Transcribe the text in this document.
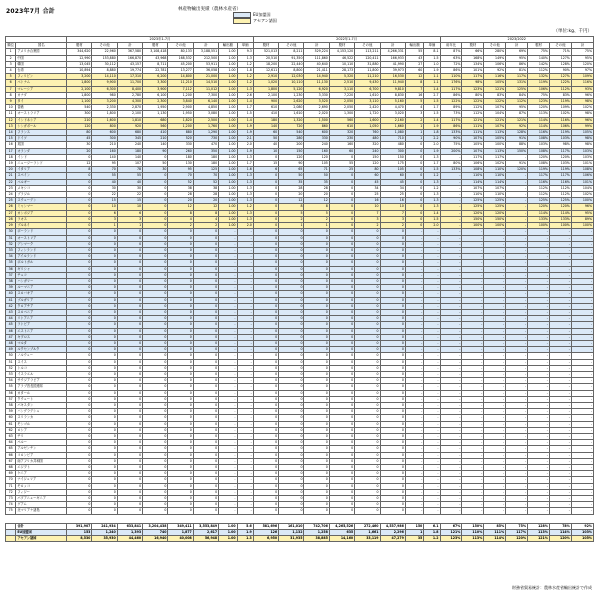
2023年7月 合計	林産物輸出実績（農林水産省）
EU加盟国
アセアン諸国
（単位:kg、千円）
		2023年1-7月								2022年1-7月								2023/2022						
順位	国名	製材	その他	計	製材	その他	計	輸出額	単価	製材	その他	計	製材	その他	計	輸出額	単価	前年比	製材	その他	計	製材	その他	計
1	アメリカ合衆国	344,620	22,960	367,580	3,108,418	80,133	3,188,551	1.00	9.3	521,013	8,211	529,224	4,153,120	113,211	4,266,331	55	8.1	87%	66%	280%	69%	75%	71%	75%
2	中国	12,990	153,880	166,870	43,968	168,532	212,500	1.00	1.3	20,510	91,350	111,860	46,522	120,411	166,933	43	1.5	63%	168%	149%	95%	140%	127%	95%
3	韓国	13,045	30,112	43,157	8,711	45,200	53,911	1.00	1.2	18,200	22,440	40,640	10,110	31,880	41,990	27	1.0	72%	134%	106%	86%	142%	128%	120%
4	台湾	10,894	8,880	19,774	22,781	13,277	36,058	1.00	1.8	12,611	8,800	21,411	28,173	11,800	39,973	60	1.9	86%	101%	92%	81%	112%	90%	97%
5	フィリピン	3,200	14,110	17,310	6,200	14,800	21,000	1.00	1.2	2,910	12,030	14,940	5,320	11,210	16,530	12	1.1	110%	117%	116%	117%	132%	127%	109%
6	ベトナム	1,800	9,900	11,700	3,300	11,210	14,510	1.00	1.2	1,020	10,110	11,130	2,510	9,430	11,940	8	1.1	176%	98%	105%	131%	119%	122%	116%
7	マレーシア	2,100	6,300	8,400	3,900	7,112	11,012	1.00	1.3	1,800	5,120	6,920	3,110	6,700	9,810	7	1.4	117%	123%	121%	125%	106%	112%	93%
8	カナダ	1,800	980	2,780	6,100	1,200	7,300	1.00	2.6	2,100	1,230	3,330	7,220	1,610	8,830	16	2.7	86%	80%	83%	84%	75%	83%	96%
9	タイ	1,100	3,200	4,300	2,300	3,840	6,140	1.00	1.4	900	2,620	3,520	2,050	3,110	5,160	5	1.5	122%	122%	122%	112%	123%	119%	98%
10	香港	540	2,330	2,870	1,950	2,900	4,850	1.00	1.7	610	2,080	2,690	2,050	2,420	4,470	4	1.7	89%	112%	107%	95%	120%	109%	102%
11	オーストラリア	300	1,800	2,100	1,130	1,950	3,080	1.00	1.5	410	1,610	2,020	1,300	1,720	3,020	3	1.5	73%	112%	104%	87%	113%	102%	98%
12	インドネシア	210	1,600	1,810	680	1,820	2,500	1.00	1.4	180	1,320	1,500	560	1,600	2,160	2	1.4	117%	121%	121%	121%	114%	116%	96%
13	シンガポール	120	800	920	560	1,200	1,760	1.00	1.9	140	720	860	610	1,050	1,660	1	1.9	86%	111%	107%	92%	114%	106%	99%
14	フランス	80	600	680	410	880	1,290	1.00	1.9	60	540	600	320	760	1,080	1	1.8	133%	111%	113%	128%	116%	119%	105%
15	ドイツ	45	300	345	210	520	730	1.00	2.1	50	280	330	230	480	710	1	2.2	90%	107%	105%	91%	108%	103%	98%
16	英国	30	210	240	140	330	470	1.00	2.0	40	200	240	160	320	480	0	2.0	75%	105%	100%	88%	103%	98%	98%
17	オランダ	20	160	180	90	260	350	1.00	1.9	10	150	160	60	240	300	0	1.9	200%	107%	113%	150%	108%	117%	103%
18	インド	0	140	140	0	180	180	1.00	1.3	0	120	120	0	150	150	0	1.3	-	117%	117%	-	120%	120%	103%
19	ニュージーランド	12	95	107	50	130	180	1.00	1.7	15	90	105	55	120	175	0	1.7	80%	106%	102%	91%	108%	103%	101%
20	イタリア	8	70	78	30	95	125	1.00	1.6	6	65	71	25	80	105	0	1.5	133%	108%	110%	120%	119%	119%	108%
21	スペイン	0	55	55	0	70	70	1.00	1.3	0	50	50	0	60	60	0	1.2	-	110%	110%	-	117%	117%	106%
22	ベルギー	0	40	40	0	52	52	1.00	1.3	0	35	35	0	45	45	0	1.3	-	114%	114%	-	116%	116%	101%
23	メキシコ	0	30	30	0	38	38	1.00	1.3	0	28	28	0	34	34	0	1.2	-	107%	107%	-	112%	112%	104%
24	ブラジル	0	22	22	0	28	28	1.00	1.3	0	20	20	0	25	25	0	1.3	-	110%	110%	-	112%	112%	102%
25	スウェーデン	0	15	15	0	20	20	1.00	1.3	0	12	12	0	16	16	0	1.3	-	125%	125%	-	125%	125%	100%
26	ミャンマー	0	10	10	0	12	12	1.00	1.2	0	8	8	0	10	10	0	1.3	-	125%	125%	-	120%	120%	96%
27	カンボジア	0	6	6	0	8	8	1.00	1.3	0	5	5	0	7	7	0	1.4	-	120%	120%	-	114%	114%	95%
28	ラオス	0	3	3	0	4	4	1.00	1.3	0	2	2	0	3	3	0	1.5	-	150%	150%	-	133%	133%	89%
29	ブルネイ	0	1	1	0	2	2	1.00	2.0	0	1	1	0	2	2	0	2.0	-	100%	100%	-	100%	100%	100%
30	ポーランド	0	0	0	0	0	0	-	-	0	0	0	0	0	0	-	-	-	-	-	-	-	-	-
31	オーストリア	0	0	0	0	0	0	-	-	0	0	0	0	0	0	-	-	-	-	-	-	-	-	-
32	デンマーク	0	0	0	0	0	0	-	-	0	0	0	0	0	0	-	-	-	-	-	-	-	-	-
33	フィンランド	0	0	0	0	0	0	-	-	0	0	0	0	0	0	-	-	-	-	-	-	-	-	-
34	アイルランド	0	0	0	0	0	0	-	-	0	0	0	0	0	0	-	-	-	-	-	-	-	-	-
35	ポルトガル	0	0	0	0	0	0	-	-	0	0	0	0	0	0	-	-	-	-	-	-	-	-	-
36	ギリシャ	0	0	0	0	0	0	-	-	0	0	0	0	0	0	-	-	-	-	-	-	-	-	-
37	チェコ	0	0	0	0	0	0	-	-	0	0	0	0	0	0	-	-	-	-	-	-	-	-	-
38	ハンガリー	0	0	0	0	0	0	-	-	0	0	0	0	0	0	-	-	-	-	-	-	-	-	-
39	ルーマニア	0	0	0	0	0	0	-	-	0	0	0	0	0	0	-	-	-	-	-	-	-	-	-
40	スロバキア	0	0	0	0	0	0	-	-	0	0	0	0	0	0	-	-	-	-	-	-	-	-	-
41	ブルガリア	0	0	0	0	0	0	-	-	0	0	0	0	0	0	-	-	-	-	-	-	-	-	-
42	クロアチア	0	0	0	0	0	0	-	-	0	0	0	0	0	0	-	-	-	-	-	-	-	-	-
43	スロベニア	0	0	0	0	0	0	-	-	0	0	0	0	0	0	-	-	-	-	-	-	-	-	-
44	リトアニア	0	0	0	0	0	0	-	-	0	0	0	0	0	0	-	-	-	-	-	-	-	-	-
45	ラトビア	0	0	0	0	0	0	-	-	0	0	0	0	0	0	-	-	-	-	-	-	-	-	-
46	エストニア	0	0	0	0	0	0	-	-	0	0	0	0	0	0	-	-	-	-	-	-	-	-	-
47	キプロス	0	0	0	0	0	0	-	-	0	0	0	0	0	0	-	-	-	-	-	-	-	-	-
48	マルタ	0	0	0	0	0	0	-	-	0	0	0	0	0	0	-	-	-	-	-	-	-	-	-
49	ルクセンブルク	0	0	0	0	0	0	-	-	0	0	0	0	0	0	-	-	-	-	-	-	-	-	-
50	ノルウェー	0	0	0	0	0	0	-	-	0	0	0	0	0	0	-	-	-	-	-	-	-	-	-
51	スイス	0	0	0	0	0	0	-	-	0	0	0	0	0	0	-	-	-	-	-	-	-	-	-
52	トルコ	0	0	0	0	0	0	-	-	0	0	0	0	0	0	-	-	-	-	-	-	-	-	-
53	イスラエル	0	0	0	0	0	0	-	-	0	0	0	0	0	0	-	-	-	-	-	-	-	-	-
54	サウジアラビア	0	0	0	0	0	0	-	-	0	0	0	0	0	0	-	-	-	-	-	-	-	-	-
55	アラブ首長国連邦	0	0	0	0	0	0	-	-	0	0	0	0	0	0	-	-	-	-	-	-	-	-	-
56	カタール	0	0	0	0	0	0	-	-	0	0	0	0	0	0	-	-	-	-	-	-	-	-	-
57	クウェート	0	0	0	0	0	0	-	-	0	0	0	0	0	0	-	-	-	-	-	-	-	-	-
58	パキスタン	0	0	0	0	0	0	-	-	0	0	0	0	0	0	-	-	-	-	-	-	-	-	-
59	バングラデシュ	0	0	0	0	0	0	-	-	0	0	0	0	0	0	-	-	-	-	-	-	-	-	-
60	スリランカ	0	0	0	0	0	0	-	-	0	0	0	0	0	0	-	-	-	-	-	-	-	-	-
61	モンゴル	0	0	0	0	0	0	-	-	0	0	0	0	0	0	-	-	-	-	-	-	-	-	-
62	ロシア	0	0	0	0	0	0	-	-	0	0	0	0	0	0	-	-	-	-	-	-	-	-	-
63	チリ	0	0	0	0	0	0	-	-	0	0	0	0	0	0	-	-	-	-	-	-	-	-	-
64	ペルー	0	0	0	0	0	0	-	-	0	0	0	0	0	0	-	-	-	-	-	-	-	-	-
65	アルゼンチン	0	0	0	0	0	0	-	-	0	0	0	0	0	0	-	-	-	-	-	-	-	-	-
66	コロンビア	0	0	0	0	0	0	-	-	0	0	0	0	0	0	-	-	-	-	-	-	-	-	-
67	南アフリカ共和国	0	0	0	0	0	0	-	-	0	0	0	0	0	0	-	-	-	-	-	-	-	-	-
68	エジプト	0	0	0	0	0	0	-	-	0	0	0	0	0	0	-	-	-	-	-	-	-	-	-
69	ケニア	0	0	0	0	0	0	-	-	0	0	0	0	0	0	-	-	-	-	-	-	-	-	-
70	ナイジェリア	0	0	0	0	0	0	-	-	0	0	0	0	0	0	-	-	-	-	-	-	-	-	-
71	モロッコ	0	0	0	0	0	0	-	-	0	0	0	0	0	0	-	-	-	-	-	-	-	-	-
72	フィジー	0	0	0	0	0	0	-	-	0	0	0	0	0	0	-	-	-	-	-	-	-	-	-
73	パプアニューギニア	0	0	0	0	0	0	-	-	0	0	0	0	0	0	-	-	-	-	-	-	-	-	-
74	グアム	0	0	0	0	0	0	-	-	0	0	0	0	0	0	-	-	-	-	-	-	-	-	-
75	北マリアナ諸島	0	0	0	0	0	0	-	-	0	0	0	0	0	0	-	-	-	-	-	-	-	-	-

	合計	391,907	241,934	633,841	3,204,438	349,411	3,553,849	1.00	5.6	581,696	161,010	742,706	4,265,526	272,460	4,537,986	150	6.1	67%	150%	85%	75%	128%	78%	92%
	EU加盟国	153	1,240	1,393	740	1,877	2,617	1.00	1.9	126	1,132	1,258	635	1,661	2,296	1	1.8	121%	110%	111%	117%	113%	114%	103%
	アセアン諸国	8,530	35,930	44,460	16,940	40,008	56,948	1.00	1.3	6,950	31,935	38,885	14,160	33,119	47,279	35	1.2	123%	113%	114%	120%	121%	120%	105%
財務省貿易統計：農林水産省輸出統計で作成
